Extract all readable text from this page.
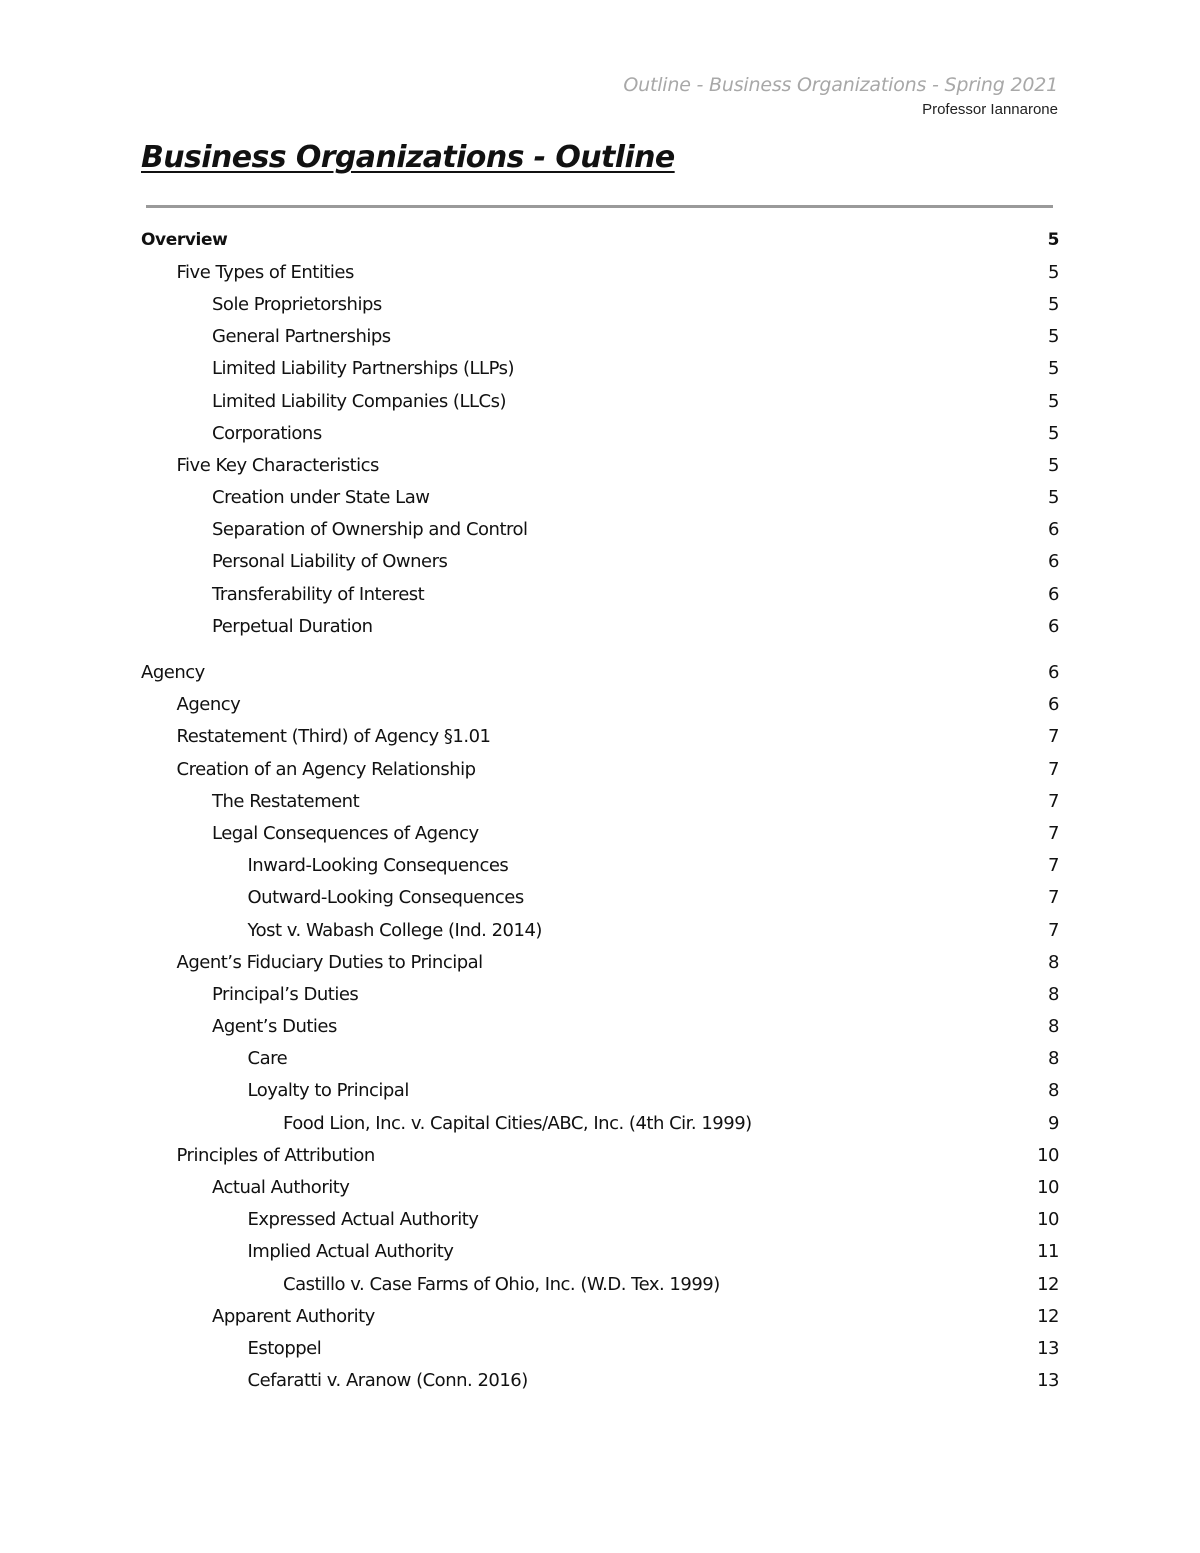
Outline - Business Organizations - Spring 2021
Professor Iannarone
Business Organizations - Outline
Overview	5
Five Types of Entities	5
Sole Proprietorships	5
General Partnerships	5
Limited Liability Partnerships (LLPs)	5
Limited Liability Companies (LLCs)	5
Corporations	5
Five Key Characteristics	5
Creation under State Law	5
Separation of Ownership and Control	6
Personal Liability of Owners	6
Transferability of Interest	6
Perpetual Duration	6
Agency	6
Agency	6
Restatement (Third) of Agency §1.01	7
Creation of an Agency Relationship	7
The Restatement	7
Legal Consequences of Agency	7
Inward-Looking Consequences	7
Outward-Looking Consequences	7
Yost v. Wabash College (Ind. 2014)	7
Agent’s Fiduciary Duties to Principal	8
Principal’s Duties	8
Agent’s Duties	8
Care	8
Loyalty to Principal	8
Food Lion, Inc. v. Capital Cities/ABC, Inc. (4th Cir. 1999)	9
Principles of Attribution	10
Actual Authority	10
Expressed Actual Authority	10
Implied Actual Authority	11
Castillo v. Case Farms of Ohio, Inc. (W.D. Tex. 1999)	12
Apparent Authority	12
Estoppel	13
Cefaratti v. Aranow (Conn. 2016)	13
